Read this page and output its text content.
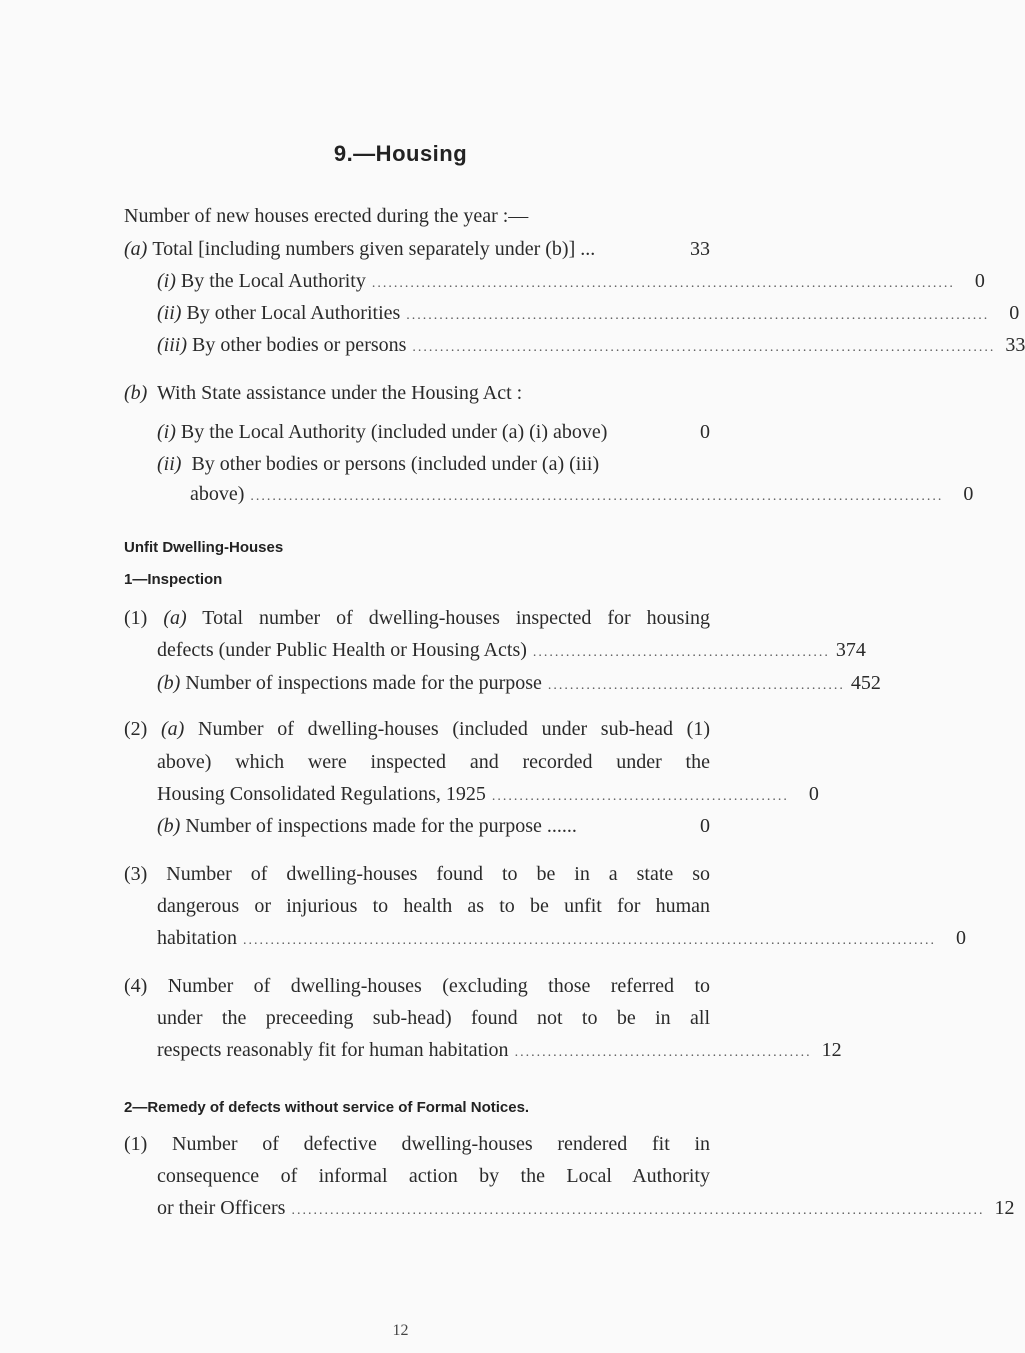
9.—Housing
Number of new houses erected during the year :—
(a)
Total [including numbers given separately under (b)] ...	33
(i)
By the Local Authority ..........................................................................................................	0
(ii)
By other Local Authorities ..........................................................................................................	0
(iii)
By other bodies or persons .......................................................................................................... 33
(b) With State assistance under the Housing Act :
(i)
By the Local Authority (included under (a) (i) above)	0
(ii) By other bodies or persons (included under (a) (iii)
above) ..............................................................................................................................	0
Unfit Dwelling-Houses
1—Inspection
(1) (a) Total number of dwelling-houses inspected for housing
defects (under Public Health or Housing Acts) ...................................................... 374
(b)
Number of inspections made for the purpose ...................................................... 452
(2) (a) Number of dwelling-houses (included under sub-head (1)
above) which were inspected and recorded under the
Housing Consolidated Regulations, 1925 ......................................................	0
(b)
Number of inspections made for the purpose ......	0
(3) Number of dwelling-houses found to be in a state so
dangerous or injurious to health as to be unfit for human
habitation ..............................................................................................................................	0
(4) Number of dwelling-houses (excluding those referred to
under the preceeding sub-head) found not to be in all
respects reasonably fit for human habitation ...................................................... 12
2—Remedy of defects without service of Formal Notices.
(1) Number of defective dwelling-houses rendered fit in
consequence of informal action by the Local Authority
or their Officers .............................................................................................................................. 12
12
